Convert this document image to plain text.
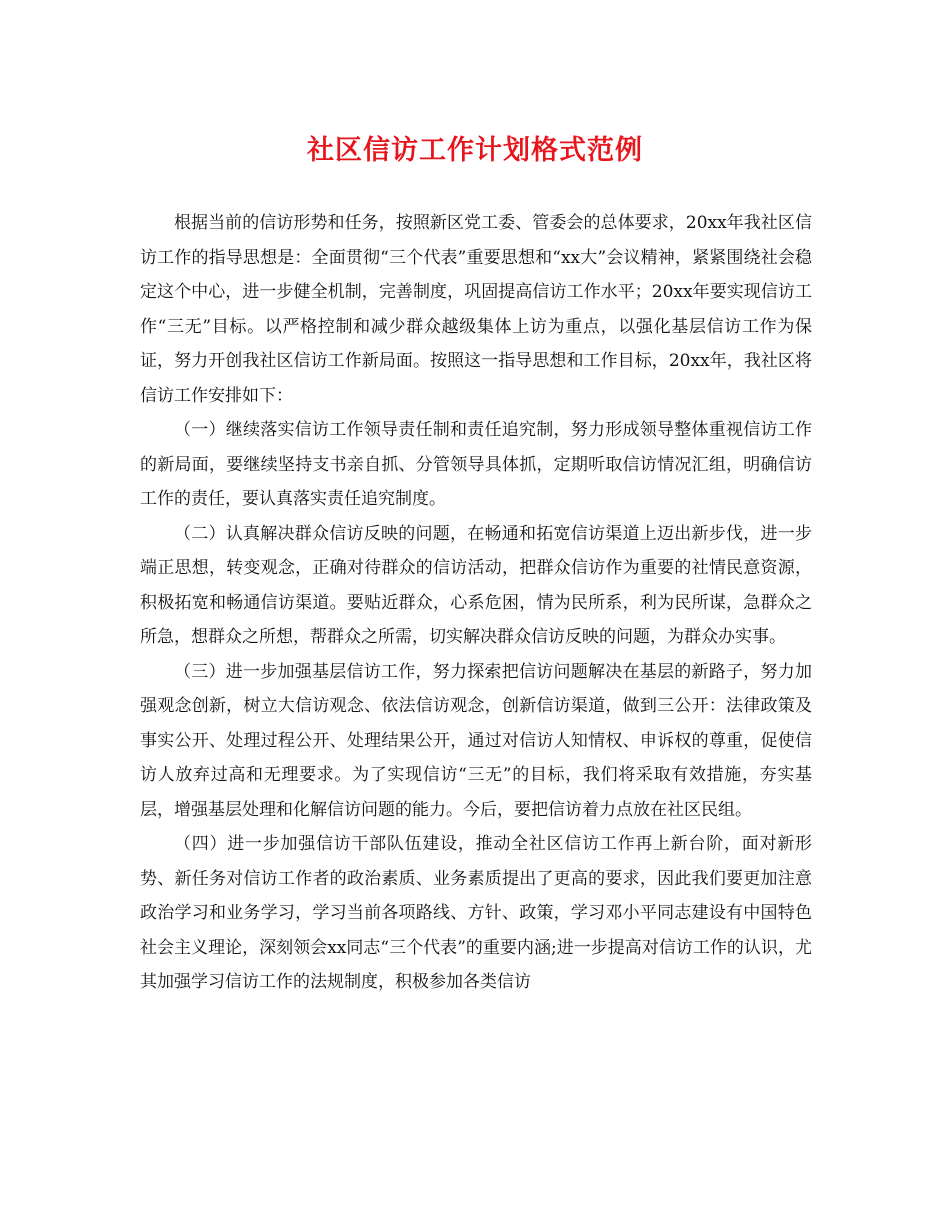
社区信访工作计划格式范例

根据当前的信访形势和任务，按照新区党工委、管委会的总体要求，20xx年我社区信访工作的指导思想是：全面贯彻“三个代表”重要思想和“xx大”会议精神，紧紧围绕社会稳定这个中心，进一步健全机制，完善制度，巩固提高信访工作水平；20xx年要实现信访工作“三无”目标。以严格控制和减少群众越级集体上访为重点，以强化基层信访工作为保证，努力开创我社区信访工作新局面。按照这一指导思想和工作目标，20xx年，我社区将信访工作安排如下：

（一）继续落实信访工作领导责任制和责任追究制，努力形成领导整体重视信访工作的新局面，要继续坚持支书亲自抓、分管领导具体抓，定期听取信访情况汇组，明确信访工作的责任，要认真落实责任追究制度。

（二）认真解决群众信访反映的问题，在畅通和拓宽信访渠道上迈出新步伐，进一步端正思想，转变观念，正确对待群众的信访活动，把群众信访作为重要的社情民意资源，积极拓宽和畅通信访渠道。要贴近群众，心系危困，情为民所系，利为民所谋，急群众之所急，想群众之所想，帮群众之所需，切实解决群众信访反映的问题，为群众办实事。

（三）进一步加强基层信访工作，努力探索把信访问题解决在基层的新路子，努力加强观念创新，树立大信访观念、依法信访观念，创新信访渠道，做到三公开：法律政策及事实公开、处理过程公开、处理结果公开，通过对信访人知情权、申诉权的尊重，促使信访人放弃过高和无理要求。为了实现信访“三无”的目标，我们将采取有效措施，夯实基层，增强基层处理和化解信访问题的能力。今后，要把信访着力点放在社区民组。

（四）进一步加强信访干部队伍建设，推动全社区信访工作再上新台阶，面对新形势、新任务对信访工作者的政治素质、业务素质提出了更高的要求，因此我们要更加注意政治学习和业务学习，学习当前各项路线、方针、政策，学习邓小平同志建设有中国特色社会主义理论，深刻领会xx同志“三个代表”的重要内涵;进一步提高对信访工作的认识，尤其加强学习信访工作的法规制度，积极参加各类信访
